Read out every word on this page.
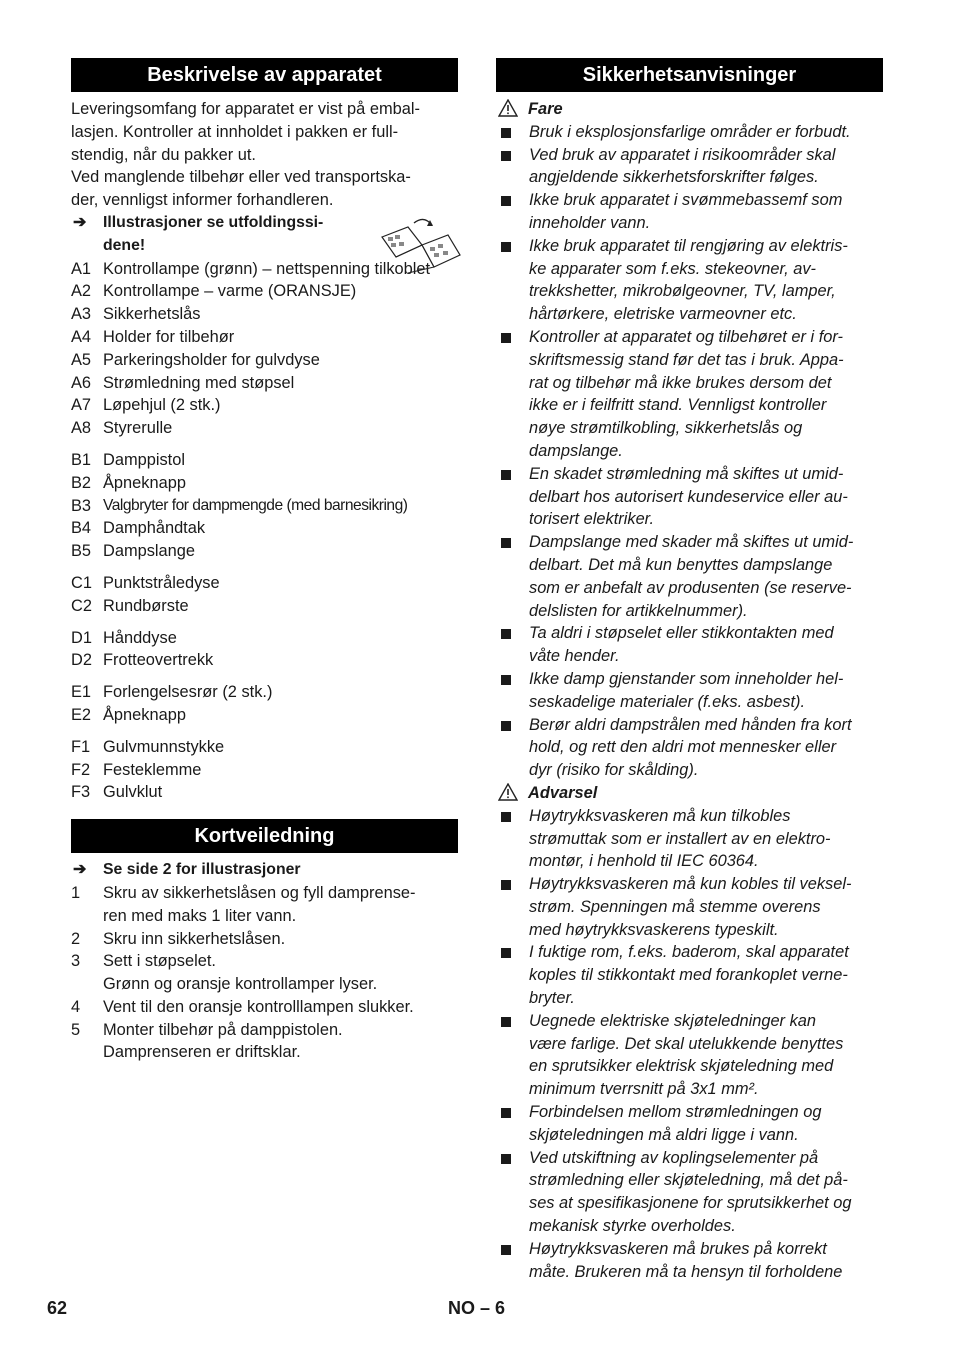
Beskrivelse av apparatet
Leveringsomfang for apparatet er vist på embal-
lasjen. Kontroller at innholdet i pakken er full-
stendig, når du pakker ut.
Ved manglende tilbehør eller ved transportska-
der, vennligst informer forhandleren.
➔ Illustrasjoner se utfoldingssi-
dene!
A1 Kontrollampe (grønn) – nettspenning tilkoblet
A2 Kontrollampe – varme (ORANSJE)
A3 Sikkerhetslås
A4 Holder for tilbehør
A5 Parkeringsholder for gulvdyse
A6 Strømledning med støpsel
A7 Løpehjul (2 stk.)
A8 Styrerulle
B1 Damppistol
B2 Åpneknapp
B3 Valgbryter for dampmengde (med barnesikring)
B4 Damphåndtak
B5 Dampslange
C1 Punktstråledyse
C2 Rundbørste
D1 Hånddyse
D2 Frotteovertrekk
E1 Forlengelsesrør (2 stk.)
E2 Åpneknapp
F1 Gulvmunnstykke
F2 Festeklemme
F3 Gulvklut
Kortveiledning
➔ Se side 2 for illustrasjoner
1	Skru av sikkerhetslåsen og fyll damprense-
ren med maks 1 liter vann.
2	Skru inn sikkerhetslåsen.
3	Sett i støpselet.
Grønn og oransje kontrollamper lyser.
4	Vent til den oransje kontrolllampen slukker.
5	Monter tilbehør på damppistolen.
Damprenseren er driftsklar.
Sikkerhetsanvisninger
Fare
Bruk i eksplosjonsfarlige områder er forbudt.
Ved bruk av apparatet i risikoområder skal
angjeldende sikkerhetsforskrifter følges.
Ikke bruk apparatet i svømmebassemf som
inneholder vann.
Ikke bruk apparatet til rengjøring av elektris-
ke apparater som f.eks. stekeovner, av-
trekkshetter, mikrobølgeovner, TV, lamper,
hårtørkere, eletriske varmeovner etc.
Kontroller at apparatet og tilbehøret er i for-
skriftsmessig stand før det tas i bruk. Appa-
rat og tilbehør må ikke brukes dersom det
ikke er i feilfritt stand. Vennligst kontroller
nøye strømtilkobling, sikkerhetslås og
dampslange.
En skadet strømledning må skiftes ut umid-
delbart hos autorisert kundeservice eller au-
torisert elektriker.
Dampslange med skader må skiftes ut umid-
delbart. Det må kun benyttes dampslange
som er anbefalt av produsenten (se reserve-
delslisten for artikkelnummer).
Ta aldri i støpselet eller stikkontakten med
våte hender.
Ikke damp gjenstander som inneholder hel-
seskadelige materialer (f.eks. asbest).
Berør aldri dampstrålen med hånden fra kort
hold, og rett den aldri mot mennesker eller
dyr (risiko for skålding).
Advarsel
Høytrykksvaskeren må kun tilkobles
strømuttak som er installert av en elektro-
montør, i henhold til IEC 60364.
Høytrykksvaskeren må kun kobles til veksel-
strøm. Spenningen må stemme overens
med høytrykksvaskerens typeskilt.
I fuktige rom, f.eks. baderom, skal apparatet
koples til stikkontakt med forankoplet verne-
bryter.
Uegnede elektriske skjøteledninger kan
være farlige. Det skal utelukkende benyttes
en sprutsikker elektrisk skjøteledning med
minimum tverrsnitt på 3x1 mm².
Forbindelsen mellom strømledningen og
skjøteledningen må aldri ligge i vann.
Ved utskiftning av koplingselementer på
strømledning eller skjøteledning, må det på-
ses at spesifikasjonene for sprutsikkerhet og
mekanisk styrke overholdes.
Høytrykksvaskeren må brukes på korrekt
måte. Brukeren må ta hensyn til forholdene
62	NO – 6
